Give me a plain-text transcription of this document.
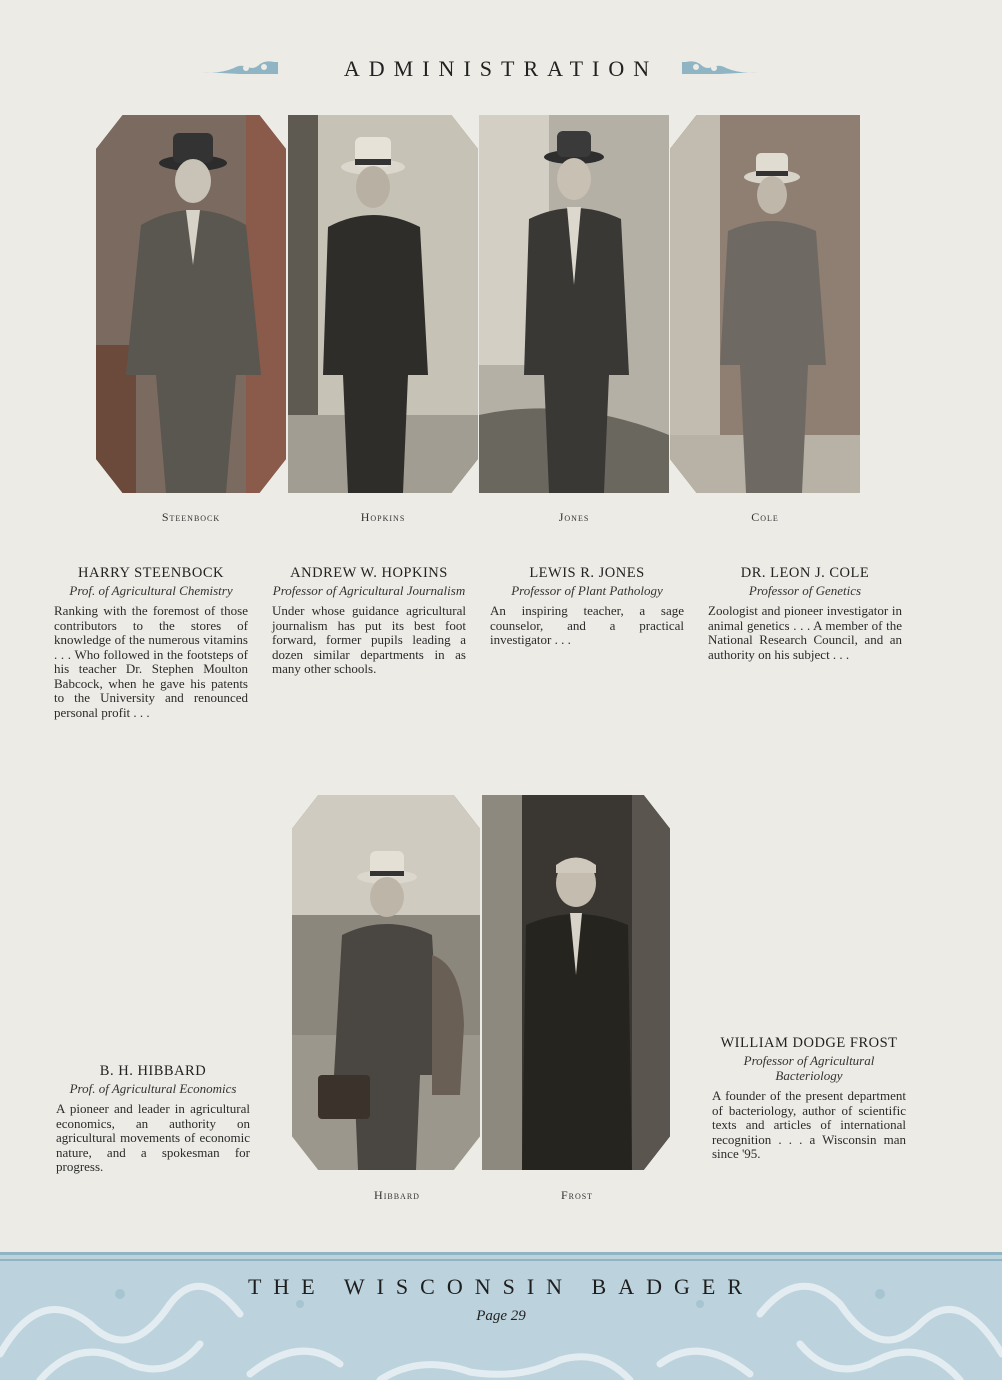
ADMINISTRATION
Steenbock	Hopkins	Jones	Cole
HARRY STEENBOCK
Prof. of Agricultural Chemistry
Ranking with the foremost of those contributors to the stores of knowledge of the numerous vitamins . . . Who followed in the footsteps of his teacher Dr. Stephen Moulton Babcock, when he gave his patents to the University and renounced personal profit . . .
ANDREW W. HOPKINS
Professor of Agricultural Journalism
Under whose guidance agricultural journalism has put its best foot forward, former pupils leading a dozen similar departments in as many other schools.
LEWIS R. JONES
Professor of Plant Pathology
An inspiring teacher, a sage counselor, and a practical investigator . . .
DR. LEON J. COLE
Professor of Genetics
Zoologist and pioneer investigator in animal genetics . . . A member of the National Research Council, and an authority on his subject . . .
Hibbard	Frost
B. H. HIBBARD
Prof. of Agricultural Economics
A pioneer and leader in agricultural economics, an authority on agricultural movements of economic nature, and a spokesman for progress.
WILLIAM DODGE FROST
Professor of Agricultural Bacteriology
A founder of the present department of bacteriology, author of scientific texts and articles of international recognition . . . a Wisconsin man since '95.
THE WISCONSIN BADGER
Page 29
